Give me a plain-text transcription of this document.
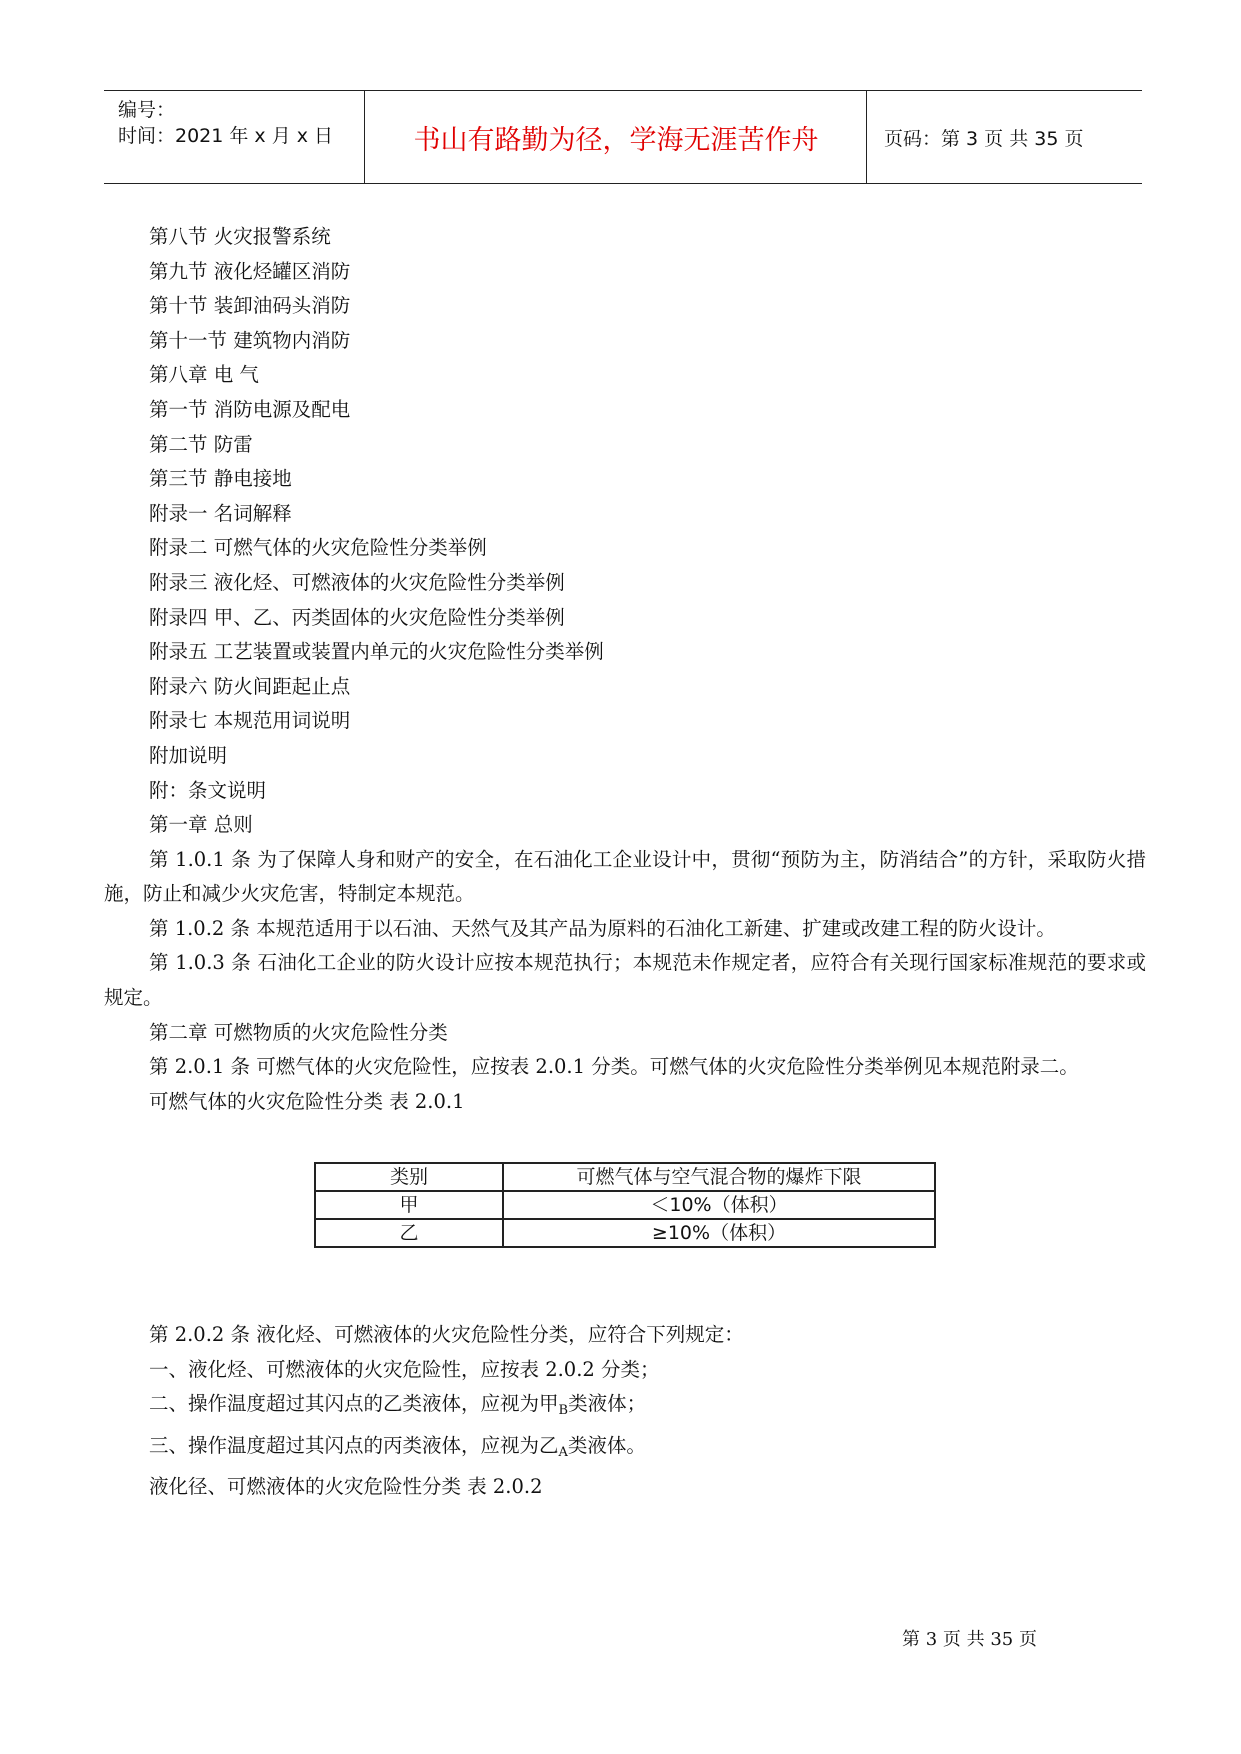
编号：
时间：2021 年 x 月 x 日	书山有路勤为径，学海无涯苦作舟	页码：第 3 页 共 35 页

第八节 火灾报警系统

第九节 液化烃罐区消防

第十节 装卸油码头消防

第十一节 建筑物内消防

第八章 电 气

第一节 消防电源及配电

第二节 防雷

第三节 静电接地

附录一 名词解释

附录二 可燃气体的火灾危险性分类举例

附录三 液化烃、可燃液体的火灾危险性分类举例

附录四 甲、乙、丙类固体的火灾危险性分类举例

附录五 工艺装置或装置内单元的火灾危险性分类举例

附录六 防火间距起止点

附录七 本规范用词说明

附加说明

附：条文说明

第一章 总则

第 1.0.1 条 为了保障人身和财产的安全，在石油化工企业设计中，贯彻“预防为主，防消结合”的方针，采取防火措施，防止和减少火灾危害，特制定本规范。

第 1.0.2 条 本规范适用于以石油、天然气及其产品为原料的石油化工新建、扩建或改建工程的防火设计。

第 1.0.3 条 石油化工企业的防火设计应按本规范执行；本规范未作规定者，应符合有关现行国家标准规范的要求或规定。

第二章 可燃物质的火灾危险性分类

第 2.0.1 条 可燃气体的火灾危险性，应按表 2.0.1 分类。可燃气体的火灾危险性分类举例见本规范附录二。

可燃气体的火灾危险性分类 表 2.0.1

类别	可燃气体与空气混合物的爆炸下限
甲	＜10%（体积）
乙	≥10%（体积）

第 2.0.2 条 液化烃、可燃液体的火灾危险性分类，应符合下列规定：

一、液化烃、可燃液体的火灾危险性，应按表 2.0.2 分类；

二、操作温度超过其闪点的乙类液体，应视为甲$_B$类液体；

三、操作温度超过其闪点的丙类液体，应视为乙$_A$类液体。

液化径、可燃液体的火灾危险性分类 表 2.0.2

第 3 页 共 35 页
